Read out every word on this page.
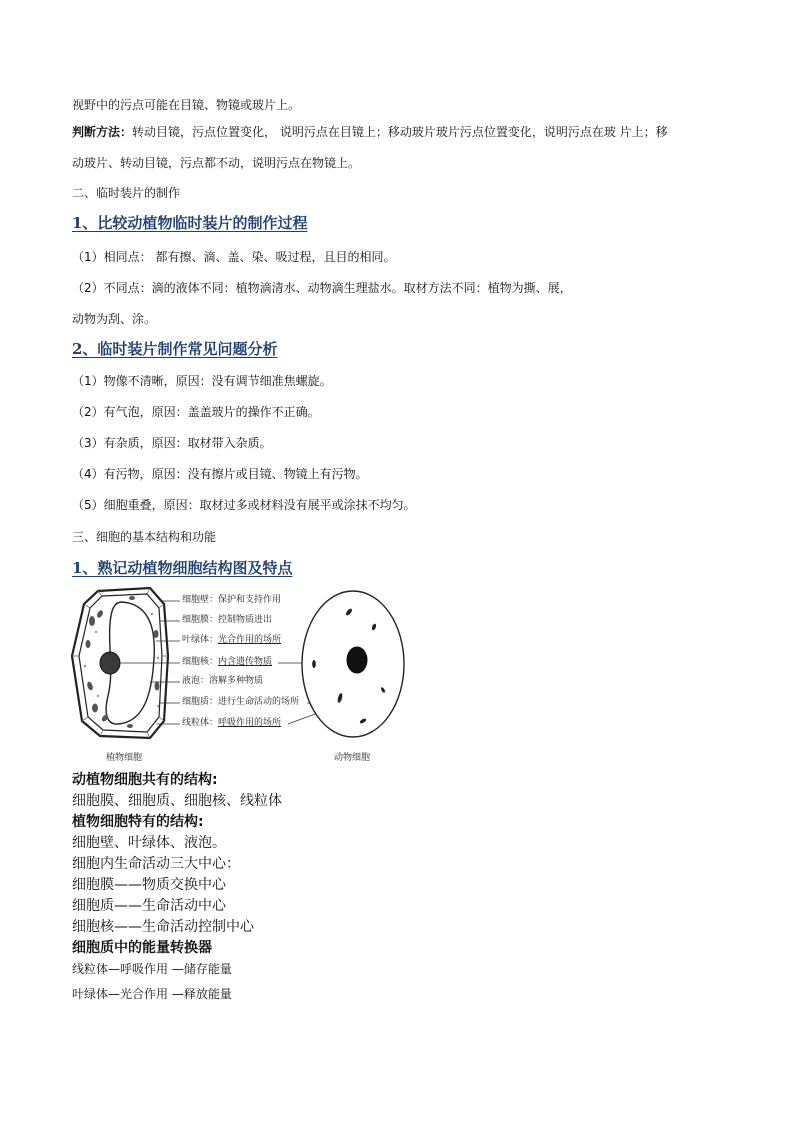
视野中的污点可能在目镜、物镜或玻片上。
判断方法：转动目镜，污点位置变化， 说明污点在目镜上；移动玻片玻片污点位置变化，说明污点在玻 片上；移
动玻片、转动目镜，污点都不动，说明污点在物镜上。
二、临时装片的制作
1、比较动植物临时装片的制作过程
（1）相同点： 都有擦、滴、盖、染、吸过程，且目的相同。
（2）不同点：滴的液体不同：植物滴清水、动物滴生理盐水。取材方法不同：植物为撕、展，
动物为刮、涂。
2、临时装片制作常见问题分析
（1）物像不清晰，原因：没有调节细准焦螺旋。
（2）有气泡，原因：盖盖玻片的操作不正确。
（3）有杂质，原因：取材带入杂质。
（4）有污物，原因：没有擦片或目镜、物镜上有污物。
（5）细胞重叠，原因：取材过多或材料没有展平或涂抹不均匀。
三、细胞的基本结构和功能
1、熟记动植物细胞结构图及特点
细胞壁：保护和支持作用
细胞膜：控制物质进出
叶绿体：光合作用的场所
细胞核：内含遗传物质
液泡：溶解多种物质
细胞质：进行生命活动的场所
线粒体：呼吸作用的场所
植物细胞	动物细胞
动植物细胞共有的结构:
细胞膜、细胞质、细胞核、线粒体
植物细胞特有的结构:
细胞壁、叶绿体、液泡。
细胞内生命活动三大中心：
细胞膜——物质交换中心
细胞质——生命活动中心
细胞核——生命活动控制中心
细胞质中的能量转换器
线粒体—呼吸作用 —储存能量
叶绿体—光合作用 —释放能量
